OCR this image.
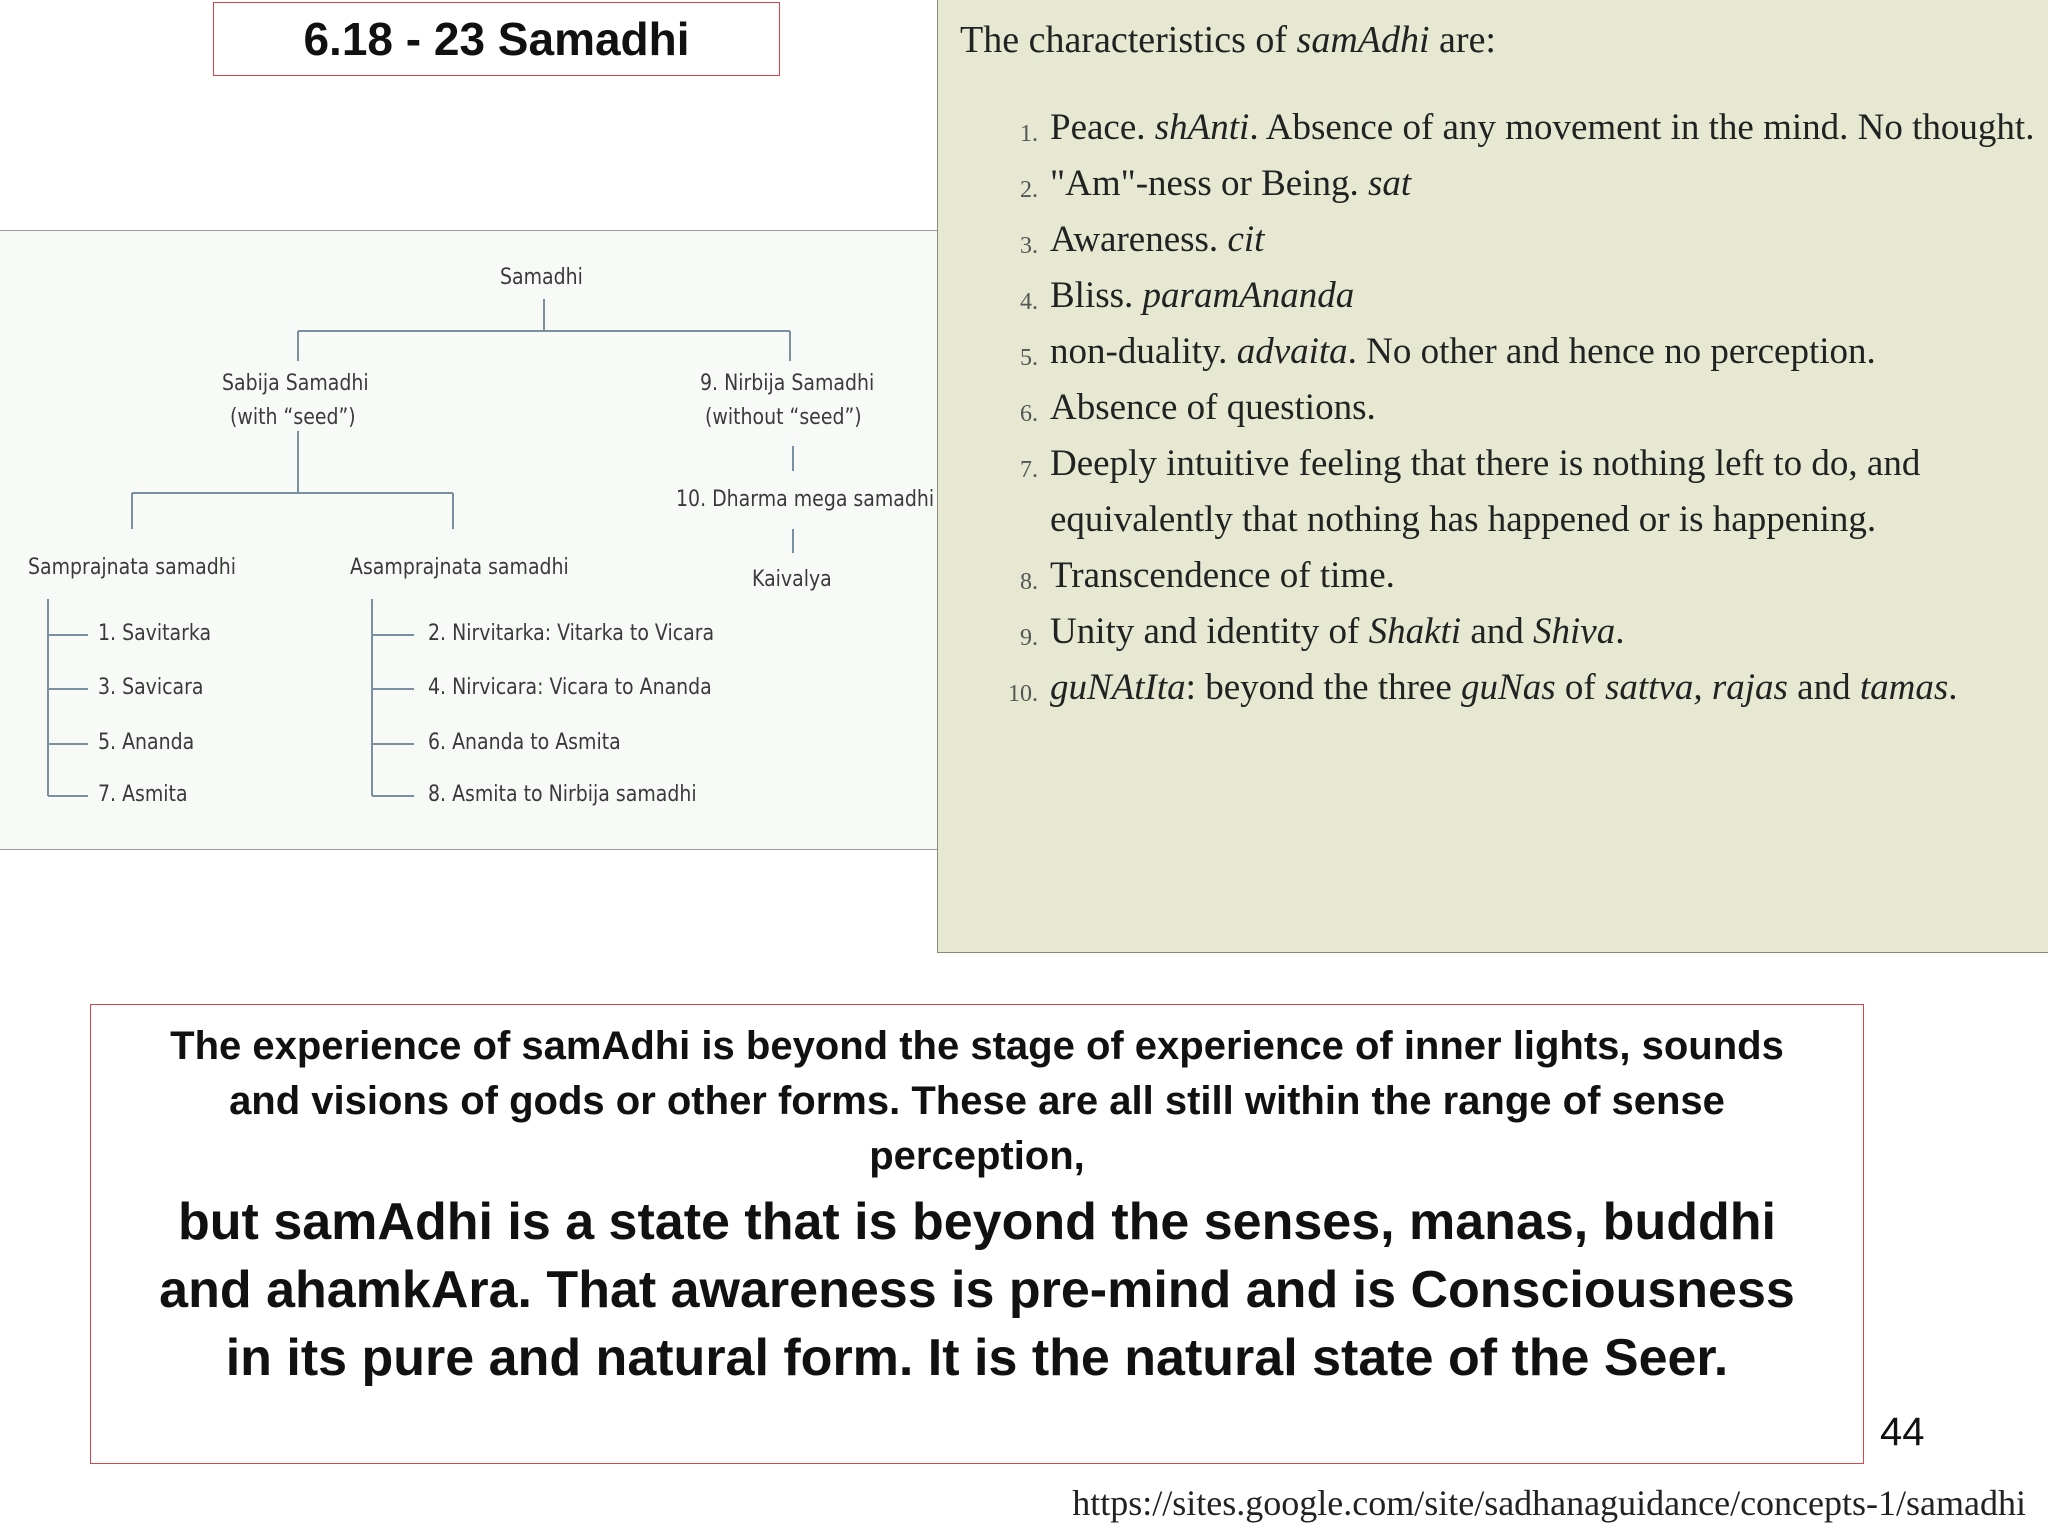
6.18 - 23 Samadhi
Samadhi
Sabija Samadhi
(with “seed”)
9. Nirbija Samadhi
(without “seed”)
10. Dharma mega samadhi
Kaivalya
Samprajnata samadhi	Asamprajnata samadhi
1. Savitarka
3. Savicara
5. Ananda
7. Asmita
2. Nirvitarka: Vitarka to Vicara
4. Nirvicara: Vicara to Ananda
6. Ananda to Asmita
8. Asmita to Nirbija samadhi
The characteristics of samAdhi are:
1. Peace. shAnti. Absence of any movement in the mind. No thought.
2. "Am"-ness or Being. sat
3. Awareness. cit
4. Bliss. paramAnanda
5. non-duality. advaita. No other and hence no perception.
6. Absence of questions.
7. Deeply intuitive feeling that there is nothing left to do, and equivalently that nothing has happened or is happening.
8. Transcendence of time.
9. Unity and identity of Shakti and Shiva.
10. guNAtIta: beyond the three guNas of sattva, rajas and tamas.
The experience of samAdhi is beyond the stage of experience of inner lights, sounds and visions of gods or other forms. These are all still within the range of sense perception,
but samAdhi is a state that is beyond the senses, manas, buddhi and ahamkAra. That awareness is pre-mind and is Consciousness in its pure and natural form. It is the natural state of the Seer.
44
https://sites.google.com/site/sadhanaguidance/concepts-1/samadhi
